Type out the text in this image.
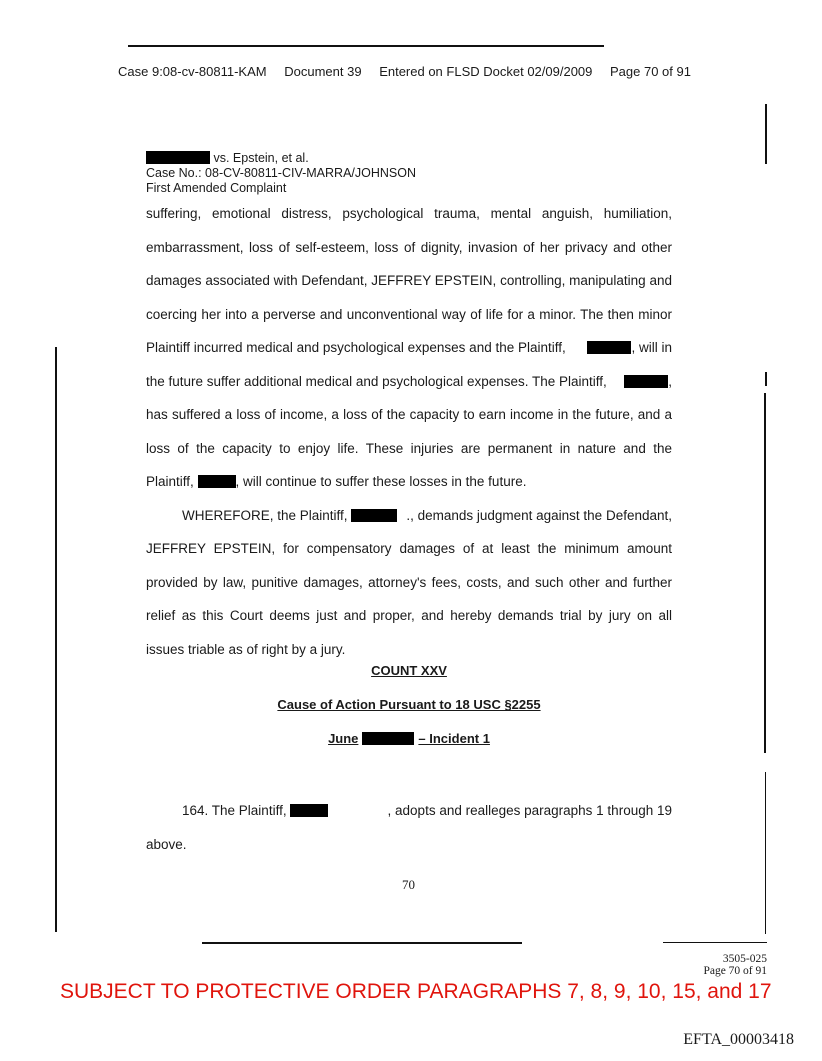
Case 9:08-cv-80811-KAM Document 39 Entered on FLSD Docket 02/09/2009 Page 70 of 91
vs. Epstein, et al.
Case No.: 08-CV-80811-CIV-MARRA/JOHNSON
First Amended Complaint
suffering, emotional distress, psychological trauma, mental anguish, humiliation,
embarrassment, loss of self-esteem, loss of dignity, invasion of her privacy and other
damages associated with Defendant, JEFFREY EPSTEIN, controlling, manipulating and
coercing her into a perverse and unconventional way of life for a minor. The then minor
Plaintiff incurred medical and psychological expenses and the Plaintiff,	, will in
the future suffer additional medical and psychological expenses. The Plaintiff,	,
has suffered a loss of income, a loss of the capacity to earn income in the future, and a
loss of the capacity to enjoy life. These injuries are permanent in nature and the
Plaintiff,	, will continue to suffer these losses in the future.
WHEREFORE, the Plaintiff,	., demands judgment against the Defendant,
JEFFREY EPSTEIN, for compensatory damages of at least the minimum amount
provided by law, punitive damages, attorney's fees, costs, and such other and further
relief as this Court deems just and proper, and hereby demands trial by jury on all
issues triable as of right by a jury.
COUNT XXV
Cause of Action Pursuant to 18 USC §2255
June	– Incident 1
164. The Plaintiff,	, adopts and realleges paragraphs 1 through 19
above.
70
3505-025
Page 70 of 91
SUBJECT TO PROTECTIVE ORDER PARAGRAPHS 7, 8, 9, 10, 15, and 17
EFTA_00003418
